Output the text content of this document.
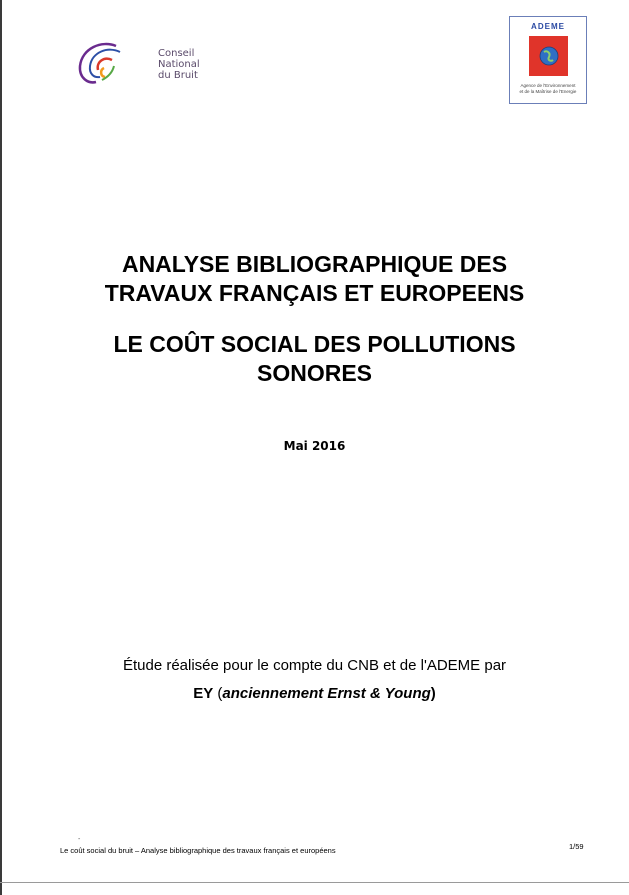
Conseil
National
du Bruit
ADEME
Agence de l'Environnement
et de la Maîtrise de l'Energie
ANALYSE BIBLIOGRAPHIQUE DES
TRAVAUX FRANÇAIS ET EUROPEENS
LE COÛT SOCIAL DES POLLUTIONS
SONORES
Mai 2016
Étude réalisée pour le compte du CNB et de l'ADEME par
EY (anciennement Ernst & Young)
-
Le coût social du bruit – Analyse bibliographique des travaux français et européens	1/59
